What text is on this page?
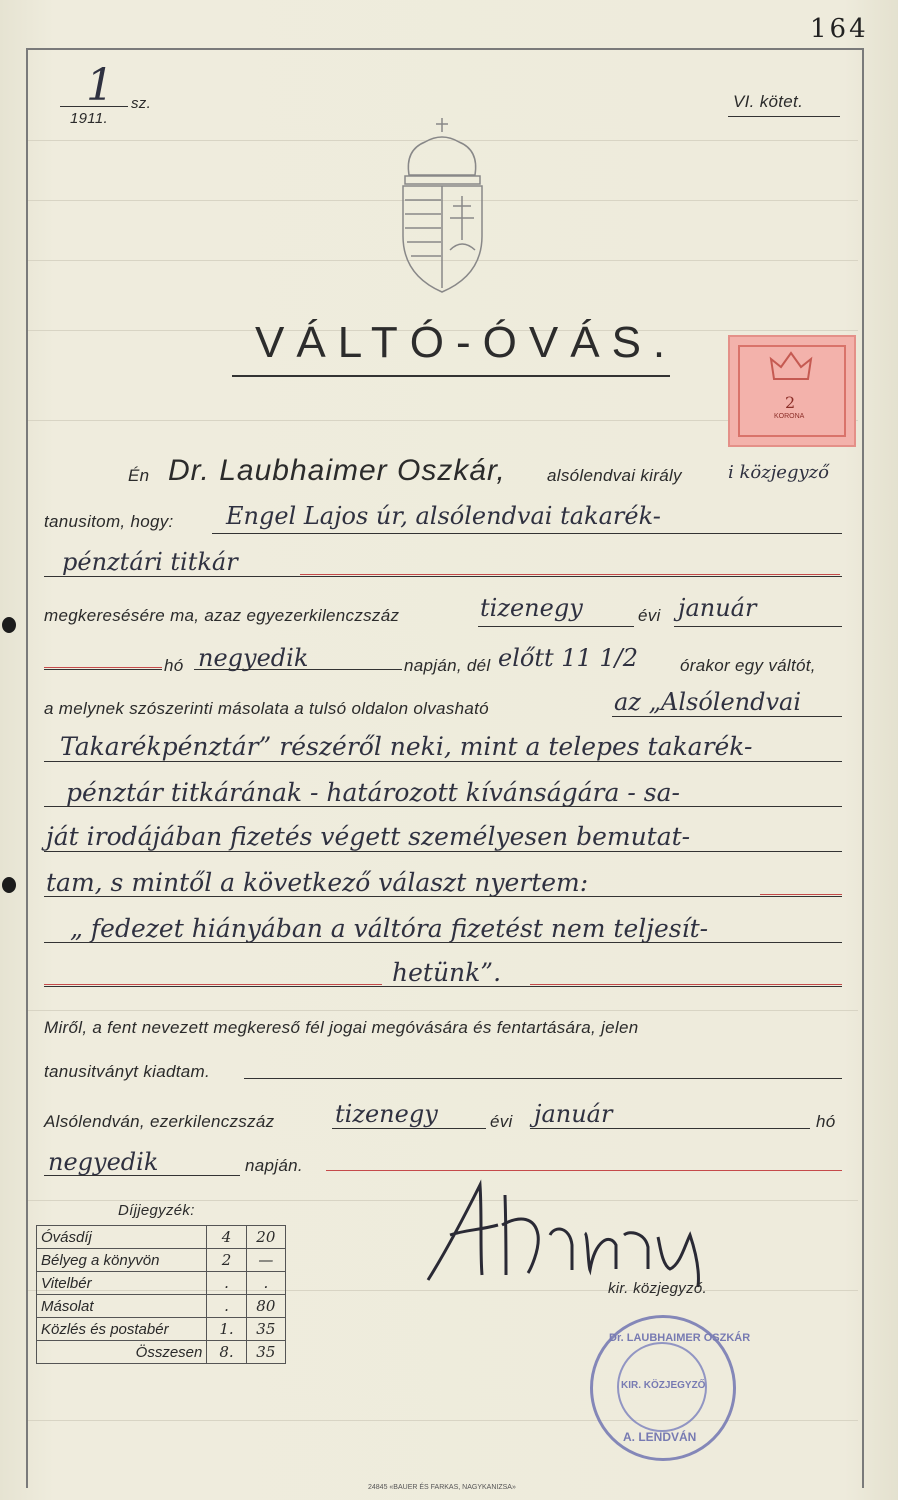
164
1 sz.
1911.
VI. kötet.
VÁLTÓ-ÓVÁS.
2
KORONA
Én Dr. Laubhaimer Oszkár, alsólendvai király	i közjegyző
tanusitom, hogy: Engel Lajos úr, alsólendvai takarék-
pénztári titkár
megkeresésére ma, azaz egyezerkilenczszáz	tizenegy	évi január
hó negyedik	napján, dél előtt 11 1/2 órakor egy váltót,
a melynek szószerinti másolata a tulsó oldalon olvasható	az „Alsólendvai
Takarékpénztár” részéről neki, mint a telepes takarék-
pénztár titkárának - határozott kívánságára - sa-
ját irodájában fizetés végett személyesen bemutat-
tam, s mintől a következő választ nyertem:
„ fedezet hiányában a váltóra fizetést nem teljesít-
hetünk”.
Miről, a fent nevezett megkereső fél jogai megóvására és fentartására, jelen
tanusitványt kiadtam.
Alsólendván, ezerkilenczszáz	tizenegy	évi január	hó
negyedik	napján.
Díjjegyzék:
Óvásdíj	4	20
Bélyeg a könyvön	2	—
Vitelbér	.	.
Másolat	.	80
Közlés és postabér	1.	35
Összesen	8.	35
kir. közjegyző.
Dr. LAUBHAIMER OSZKÁR
KIR. KÖZJEGYZŐ
A. LENDVÁN
24845 «BAUER ÉS FARKAS, NAGYKANIZSA»
